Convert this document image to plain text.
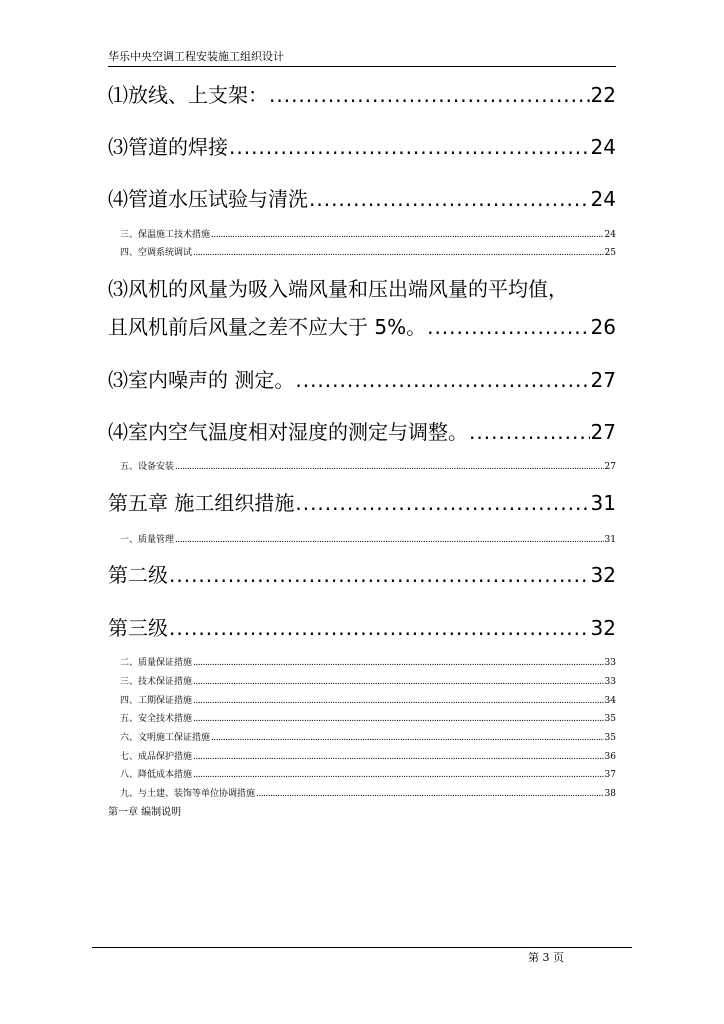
华乐中央空调工程安装施工组织设计
⑴放线、上支架： .....	22
⑶管道的焊接 .....	24
⑷管道水压试验与清洗 .....	24
三、保温施工技术措施 .....	24
四、空调系统调试 .....	25
⑶风机的风量为吸入端风量和压出端风量的平均值，
且风机前后风量之差不应大于 5%。 .....	26
⑶室内噪声的 测定。 .....	27
⑷室内空气温度相对湿度的测定与调整。 .....	27
五、设备安装 .....	27
第五章 施工组织措施 .....	31
一、质量管理 .....	31
第二级 .....	32
第三级 .....	32
二、质量保证措施 .....	33
三、技术保证措施 .....	33
四、工期保证措施 .....	34
五、安全技术措施 .....	35
六、文明施工保证措施 .....	35
七、成品保护措施 .....	36
八、降低成本措施 .....	37
九、与土建、装饰等单位协调措施 .....	38
第一章 编制说明
第 3 页
